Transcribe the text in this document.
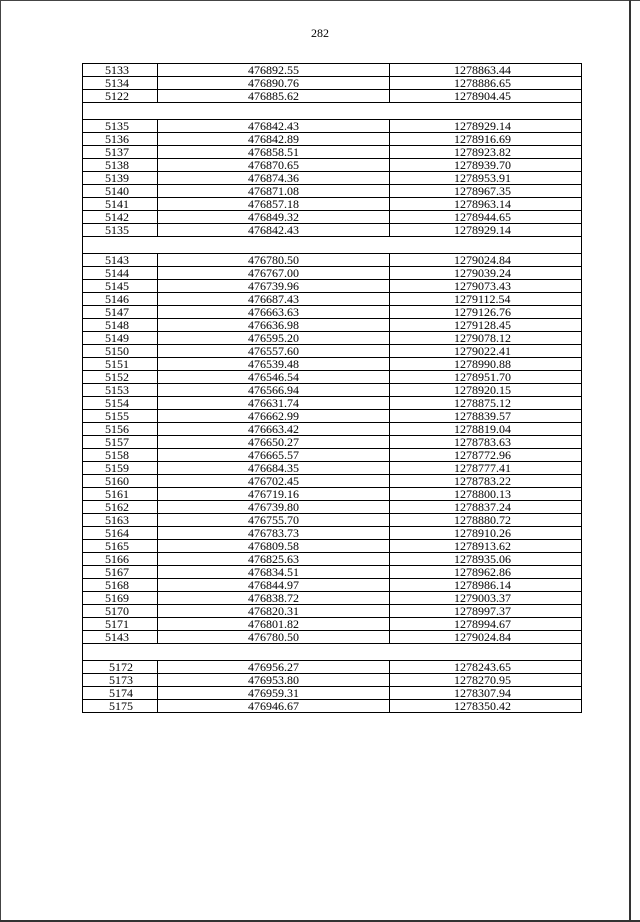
282
5133	476892.55	1278863.44
5134	476890.76	1278886.65
5122	476885.62	1278904.45

5135	476842.43	1278929.14
5136	476842.89	1278916.69
5137	476858.51	1278923.82
5138	476870.65	1278939.70
5139	476874.36	1278953.91
5140	476871.08	1278967.35
5141	476857.18	1278963.14
5142	476849.32	1278944.65
5135	476842.43	1278929.14

5143	476780.50	1279024.84
5144	476767.00	1279039.24
5145	476739.96	1279073.43
5146	476687.43	1279112.54
5147	476663.63	1279126.76
5148	476636.98	1279128.45
5149	476595.20	1279078.12
5150	476557.60	1279022.41
5151	476539.48	1278990.88
5152	476546.54	1278951.70
5153	476566.94	1278920.15
5154	476631.74	1278875.12
5155	476662.99	1278839.57
5156	476663.42	1278819.04
5157	476650.27	1278783.63
5158	476665.57	1278772.96
5159	476684.35	1278777.41
5160	476702.45	1278783.22
5161	476719.16	1278800.13
5162	476739.80	1278837.24
5163	476755.70	1278880.72
5164	476783.73	1278910.26
5165	476809.58	1278913.62
5166	476825.63	1278935.06
5167	476834.51	1278962.86
5168	476844.97	1278986.14
5169	476838.72	1279003.37
5170	476820.31	1278997.37
5171	476801.82	1278994.67
5143	476780.50	1279024.84

5172	476956.27	1278243.65
5173	476953.80	1278270.95
5174	476959.31	1278307.94
5175	476946.67	1278350.42
